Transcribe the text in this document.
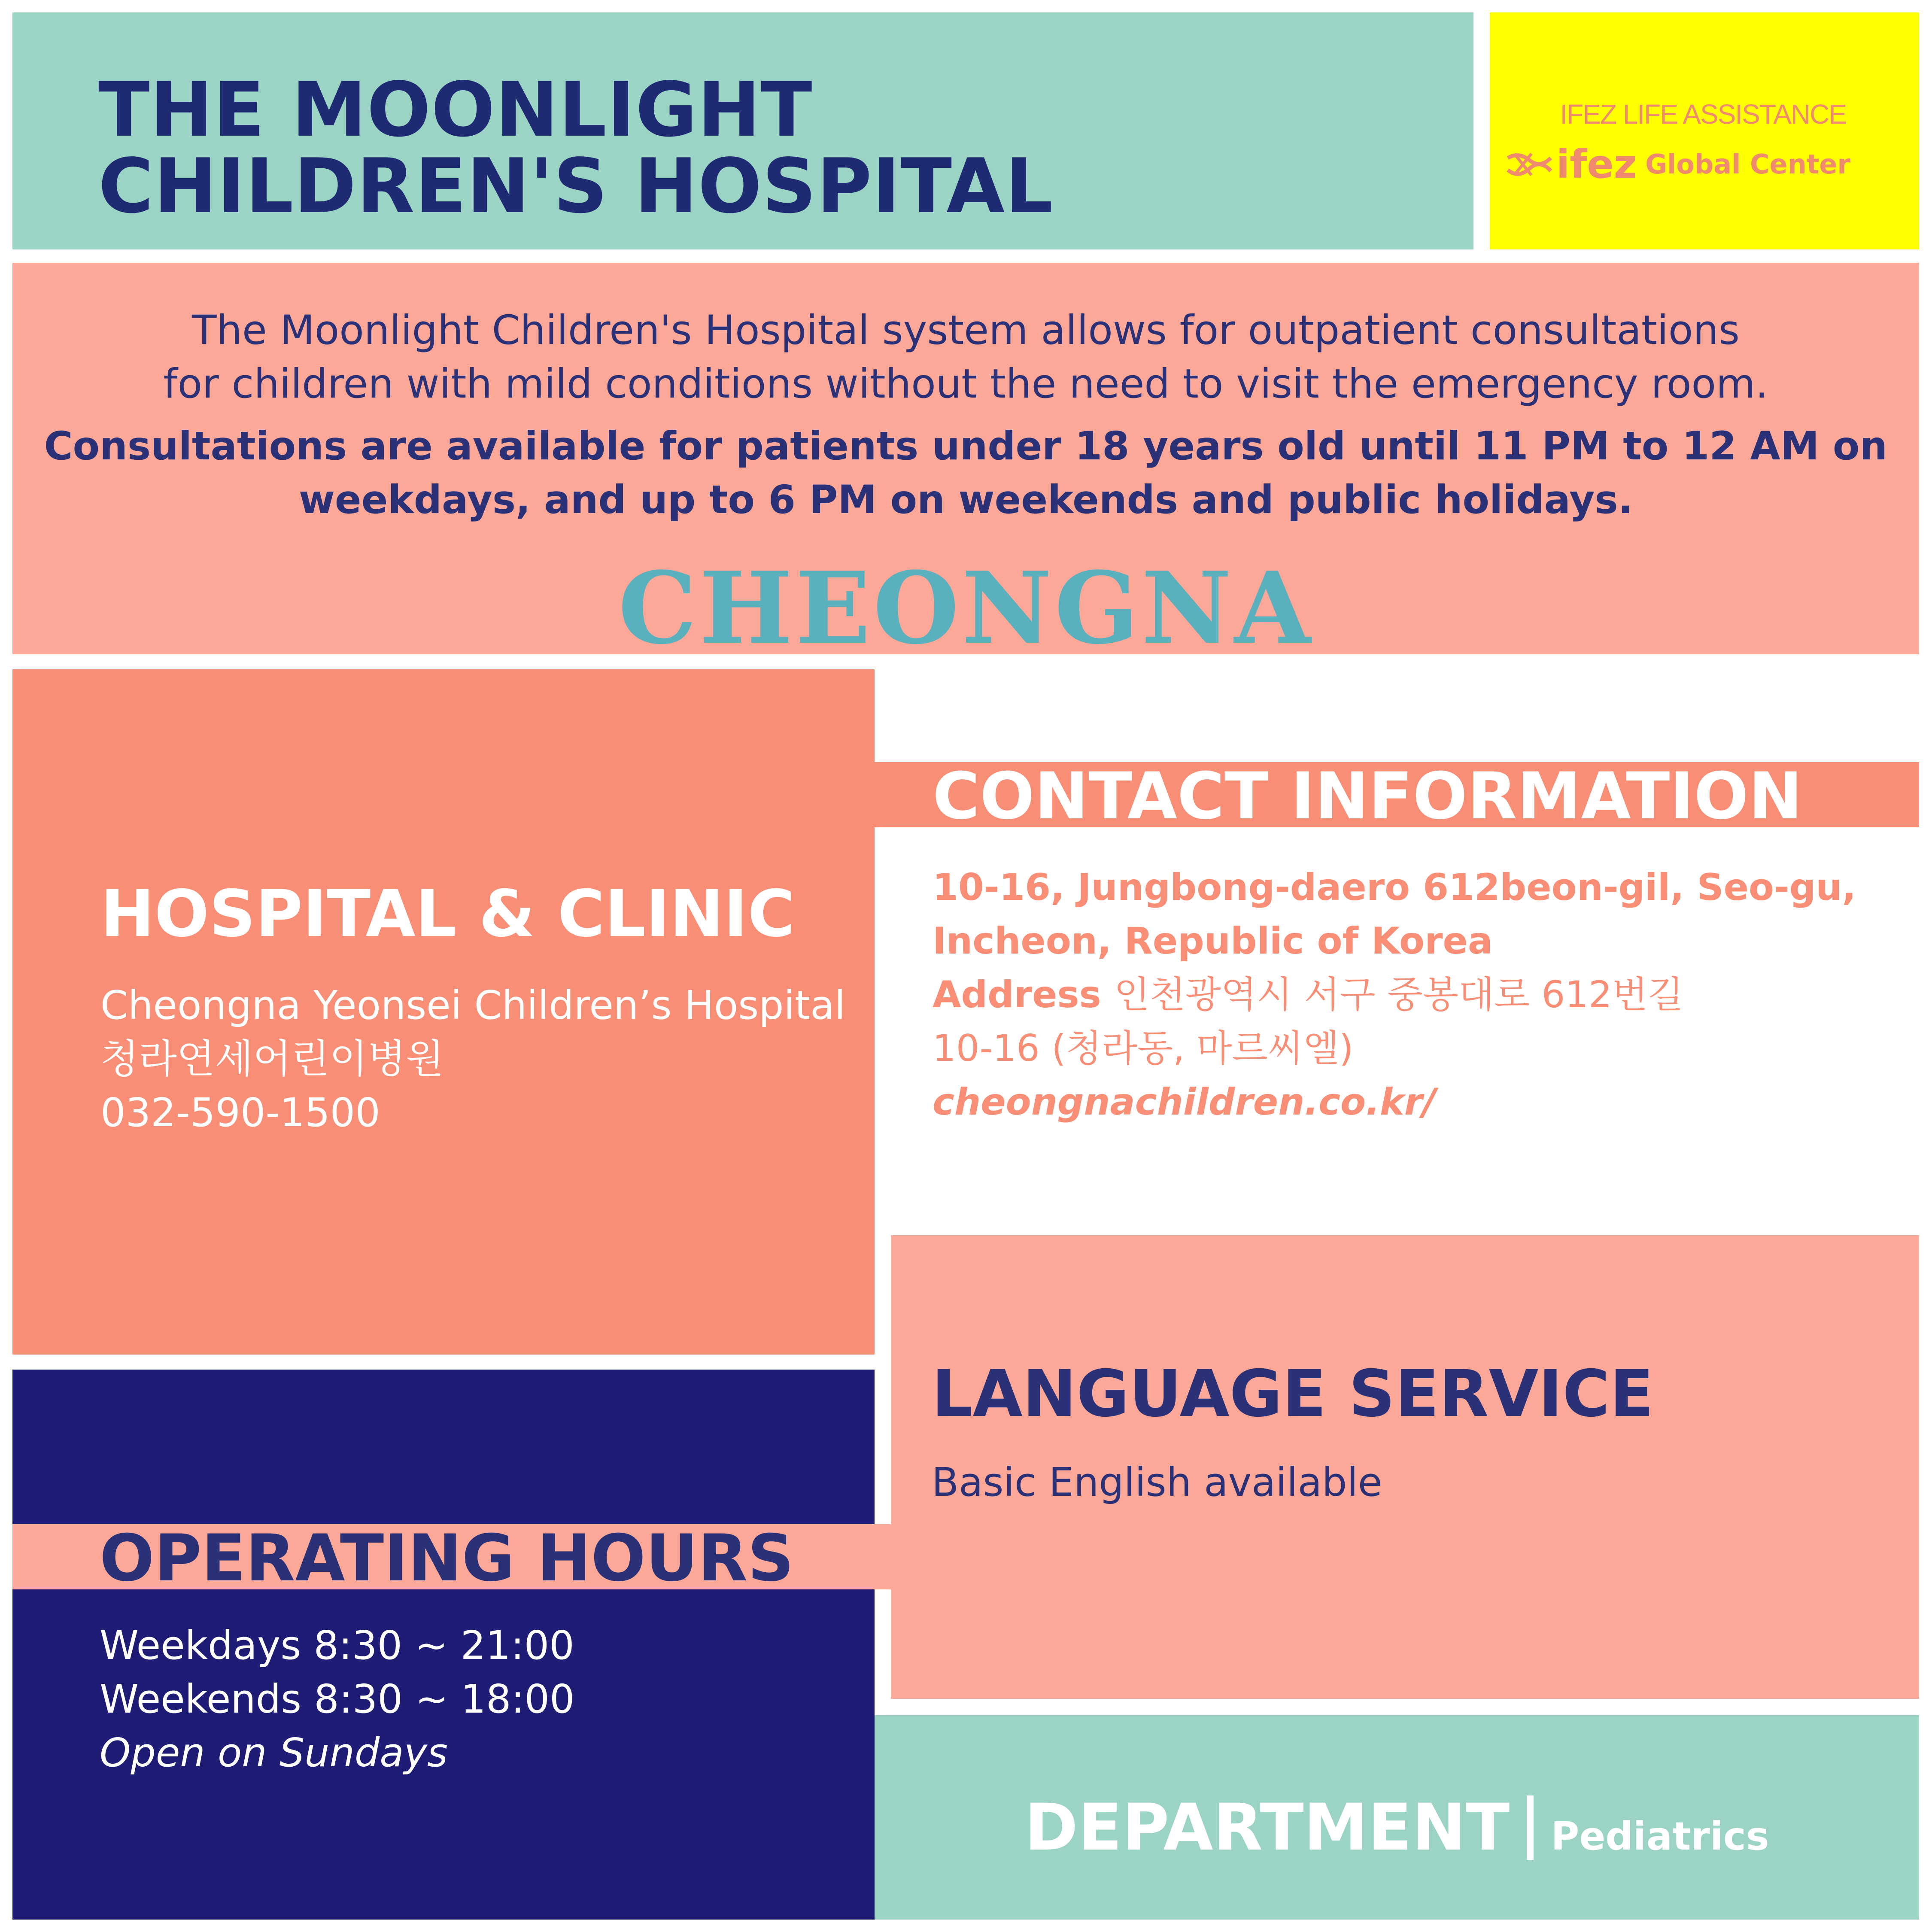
THE MOONLIGHT
CHILDREN'S HOSPITAL
IFEZ LIFE ASSISTANCE
ifez Global Center
The Moonlight Children's Hospital system allows for outpatient consultations
for children with mild conditions without the need to visit the emergency room.
Consultations are available for patients under 18 years old until 11 PM to 12 AM on
weekdays, and up to 6 PM on weekends and public holidays.
CHEONGNA
HOSPITAL & CLINIC
Cheongna Yeonsei Children’s Hospital
청라연세어린이병원
032-590-1500
CONTACT INFORMATION
10-16, Jungbong-daero 612beon-gil, Seo-gu,
Incheon, Republic of Korea
Address 인천광역시 서구 중봉대로 612번길
10-16 (청라동, 마르씨엘)
cheongnachildren.co.kr/
LANGUAGE SERVICE
Basic English available
OPERATING HOURS
Weekdays 8:30 ~ 21:00
Weekends 8:30 ~ 18:00
Open on Sundays
DEPARTMENT Pediatrics
